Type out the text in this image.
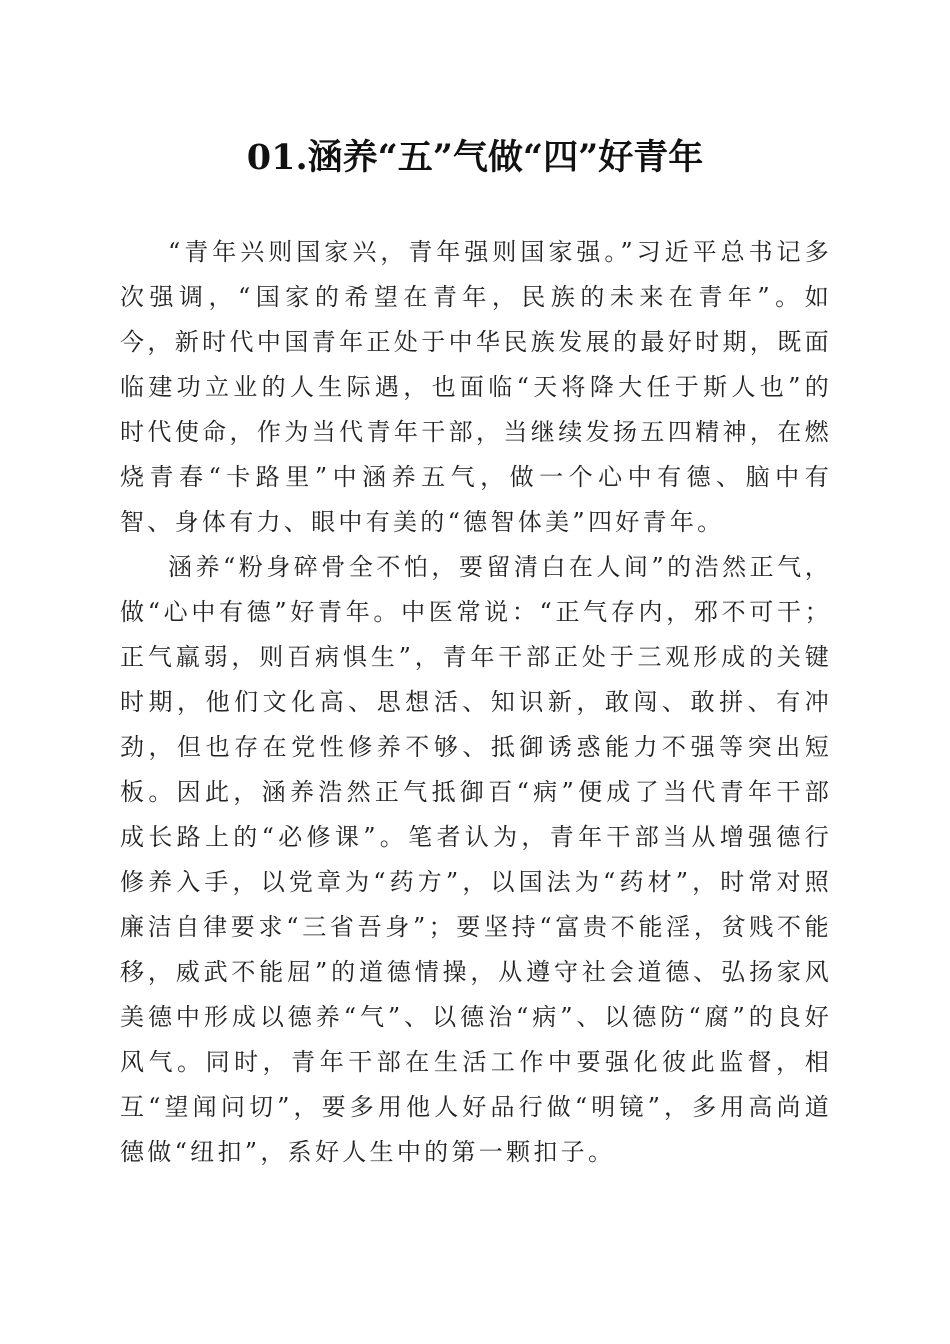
01.涵养“五”气做“四”好青年

“青年兴则国家兴，青年强则国家强。”习近平总书记多次强调，“国家的希望在青年，民族的未来在青年”。如今，新时代中国青年正处于中华民族发展的最好时期，既面临建功立业的人生际遇，也面临“天将降大任于斯人也”的时代使命，作为当代青年干部，当继续发扬五四精神，在燃烧青春“卡路里”中涵养五气，做一个心中有德、脑中有智、身体有力、眼中有美的“德智体美”四好青年。

涵养“粉身碎骨全不怕，要留清白在人间”的浩然正气，做“心中有德”好青年。中医常说：“正气存内，邪不可干；正气羸弱，则百病惧生”，青年干部正处于三观形成的关键时期，他们文化高、思想活、知识新，敢闯、敢拼、有冲劲，但也存在党性修养不够、抵御诱惑能力不强等突出短板。因此，涵养浩然正气抵御百“病”便成了当代青年干部成长路上的“必修课”。笔者认为，青年干部当从增强德行修养入手，以党章为“药方”，以国法为“药材”，时常对照廉洁自律要求“三省吾身”；要坚持“富贵不能淫，贫贱不能移，威武不能屈”的道德情操，从遵守社会道德、弘扬家风美德中形成以德养“气”、以德治“病”、以德防“腐”的良好风气。同时，青年干部在生活工作中要强化彼此监督，相互“望闻问切”，要多用他人好品行做“明镜”，多用高尚道德做“纽扣”，系好人生中的第一颗扣子。
